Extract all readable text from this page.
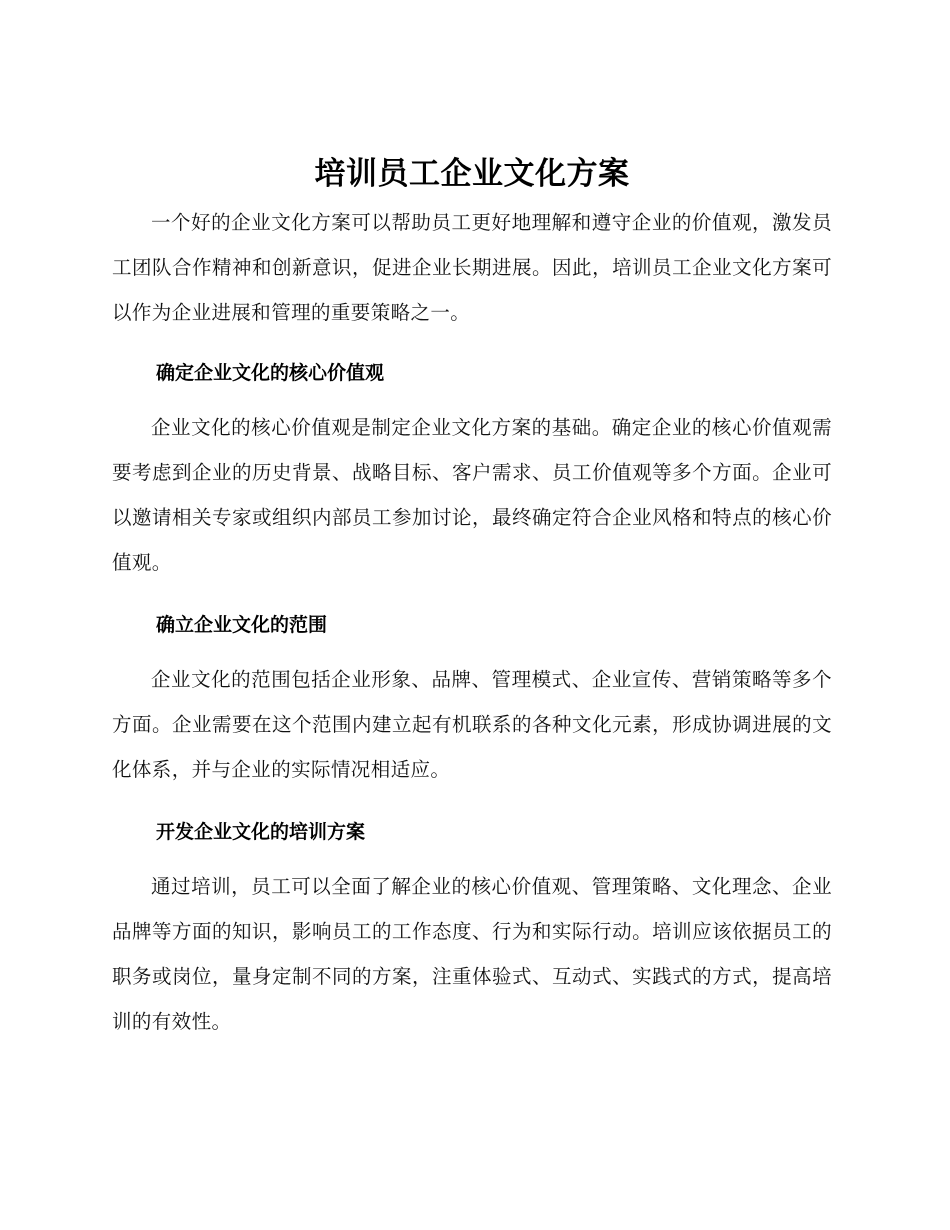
培训员工企业文化方案

一个好的企业文化方案可以帮助员工更好地理解和遵守企业的价值观，激发员工团队合作精神和创新意识，促进企业长期进展。因此，培训员工企业文化方案可以作为企业进展和管理的重要策略之一。

确定企业文化的核心价值观

企业文化的核心价值观是制定企业文化方案的基础。确定企业的核心价值观需要考虑到企业的历史背景、战略目标、客户需求、员工价值观等多个方面。企业可以邀请相关专家或组织内部员工参加讨论，最终确定符合企业风格和特点的核心价值观。

确立企业文化的范围

企业文化的范围包括企业形象、品牌、管理模式、企业宣传、营销策略等多个方面。企业需要在这个范围内建立起有机联系的各种文化元素，形成协调进展的文化体系，并与企业的实际情况相适应。

开发企业文化的培训方案

通过培训，员工可以全面了解企业的核心价值观、管理策略、文化理念、企业品牌等方面的知识，影响员工的工作态度、行为和实际行动。培训应该依据员工的职务或岗位，量身定制不同的方案，注重体验式、互动式、实践式的方式，提高培训的有效性。
